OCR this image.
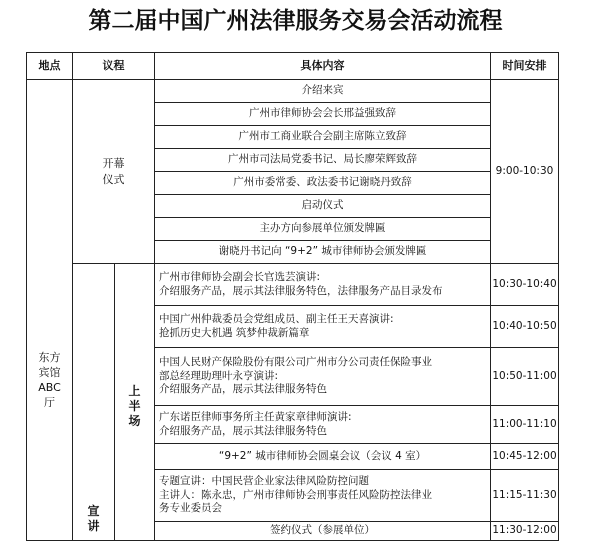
第二届中国广州法律服务交易会活动流程
地点	议程		具体内容	时间安排
东方宾馆ABC厅	开幕仪式		介绍来宾	9:00-10:30
			广州市律师协会会长邢益强致辞	
			广州市工商业联合会副主席陈立致辞	
			广州市司法局党委书记、局长廖荣辉致辞	
			广州市委常委、政法委书记谢晓丹致辞	
			启动仪式	
			主办方向参展单位颁发牌匾	
			谢晓丹书记向 “9+2” 城市律师协会颁发牌匾	
	宣讲	上半场	广州市律师协会副会长官选芸演讲:
介绍服务产品，展示其法律服务特色，法律服务产品目录发布	10:30-10:40

			中国广州仲裁委员会党组成员、副主任王天喜演讲:
抢抓历史大机遇 筑梦仲裁新篇章	10:40-10:50

			中国人民财产保险股份有限公司广州市分公司责任保险事业
部总经理助理叶永亨演讲:
介绍服务产品，展示其法律服务特色	10:50-11:00

			广东诺臣律师事务所主任黄家章律师演讲:
介绍服务产品，展示其法律服务特色	11:00-11:10

			“9+2” 城市律师协会圆桌会议（会议 4 室）	10:45-12:00

			专题宣讲：中国民营企业家法律风险防控问题
主讲人：陈永忠，广州市律师协会刑事责任风险防控法律业
务专业委员会	11:15-11:30

			签约仪式（参展单位）	11:30-12:00
